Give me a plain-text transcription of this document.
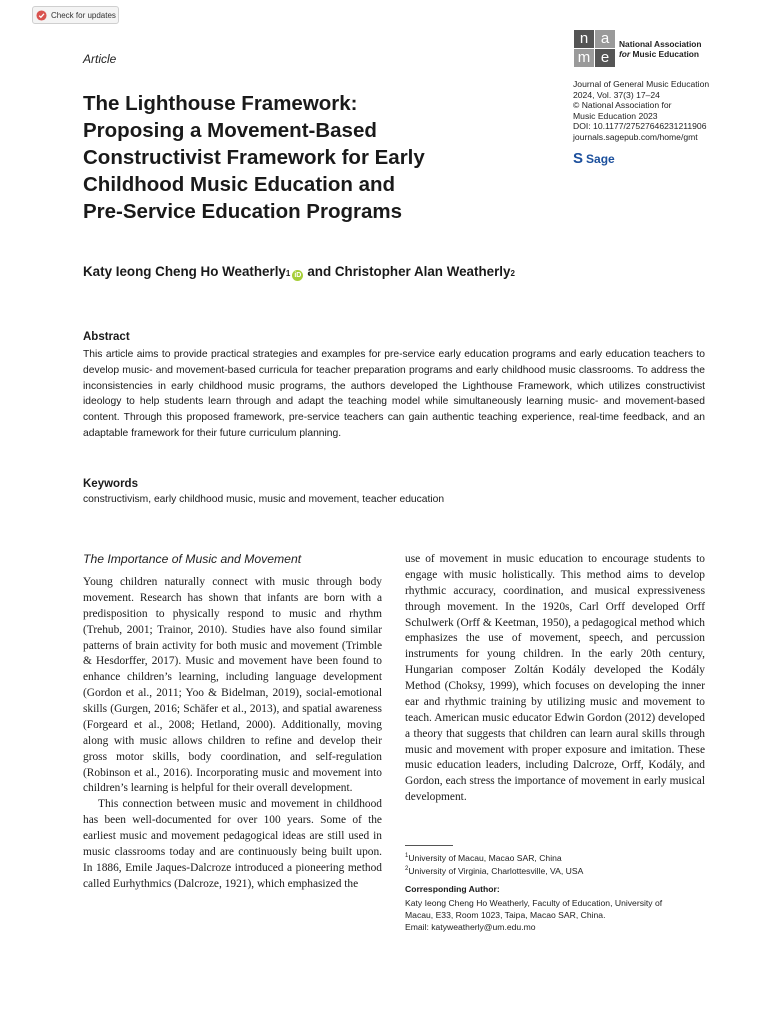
Check for updates
Article
The Lighthouse Framework:
Proposing a Movement-Based
Constructivist Framework for Early
Childhood Music Education and
Pre-Service Education Programs
n a
m e
National Association
for Music Education
Journal of General Music Education
2024, Vol. 37(3) 17–24
© National Association for
Music Education 2023
DOI: 10.1177/27527646231211906
journals.sagepub.com/home/gmt
S Sage
Katy Ieong Cheng Ho Weatherly 1 iD and Christopher Alan Weatherly 2
Abstract
This article aims to provide practical strategies and examples for pre-service early education programs and early education teachers to develop music- and movement-based curricula for teacher preparation programs and early childhood music classrooms. To address the inconsistencies in early childhood music programs, the authors developed the Lighthouse Framework, which utilizes constructivist ideology to help students learn through and adapt the teaching model while simultaneously learning music- and movement-based content. Through this proposed framework, pre-service teachers can gain authentic teaching experience, real-time feedback, and an adaptable framework for their future curriculum planning.
Keywords
constructivism, early childhood music, music and movement, teacher education
The Importance of Music and Movement

Young children naturally connect with music through body movement. Research has shown that infants are born with a predisposition to physically respond to music and rhythm (Trehub, 2001; Trainor, 2010). Studies have also found similar patterns of brain activity for both music and movement (Trimble & Hesdorffer, 2017). Music and movement have been found to enhance children’s learning, including language development (Gordon et al., 2011; Yoo & Bidelman, 2019), social-emotional skills (Gurgen, 2016; Schäfer et al., 2013), and spatial awareness (Forgeard et al., 2008; Hetland, 2000). Additionally, moving along with music allows children to refine and develop their gross motor skills, body coordination, and self-regulation (Robinson et al., 2016). Incorporating music and movement into children’s learning is helpful for their overall development.

This connection between music and movement in childhood has been well-documented for over 100 years. Some of the earliest music and movement pedagogical ideas are still used in music classrooms today and are continuously being built upon. In 1886, Emile Jaques-Dalcroze introduced a pioneering method called Eurhythmics (Dalcroze, 1921), which emphasized the

use of movement in music education to encourage students to engage with music holistically. This method aims to develop rhythmic accuracy, coordination, and musical expressiveness through movement. In the 1920s, Carl Orff developed Orff Schulwerk (Orff & Keetman, 1950), a pedagogical method which emphasizes the use of movement, speech, and percussion instruments for young children. In the early 20th century, Hungarian composer Zoltán Kodály developed the Kodály Method (Choksy, 1999), which focuses on developing the inner ear and rhythmic training by utilizing music and movement to teach. American music educator Edwin Gordon (2012) developed a theory that suggests that children can learn aural skills through music and movement with proper exposure and imitation. These music education leaders, including Dalcroze, Orff, Kodály, and Gordon, each stress the importance of movement in early musical development.

$^1$University of Macau, Macao SAR, China
$^2$University of Virginia, Charlottesville, VA, USA
Corresponding Author:
Katy Ieong Cheng Ho Weatherly, Faculty of Education, University of
Macau, E33, Room 1023, Taipa, Macao SAR, China.
Email: katyweatherly@um.edu.mo
